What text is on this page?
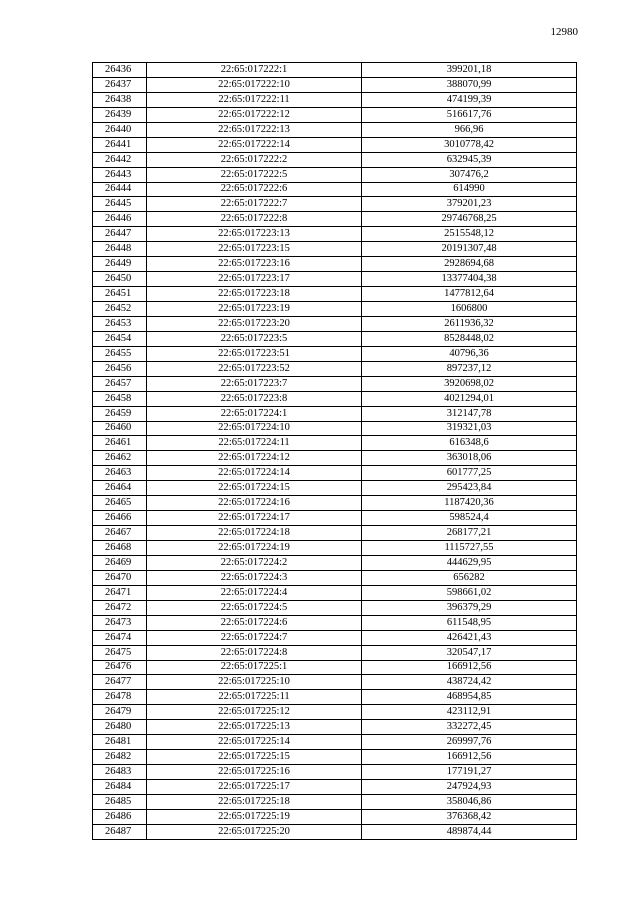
12980
26436	22:65:017222:1	399201,18
26437	22:65:017222:10	388070,99
26438	22:65:017222:11	474199,39
26439	22:65:017222:12	516617,76
26440	22:65:017222:13	966,96
26441	22:65:017222:14	3010778,42
26442	22:65:017222:2	632945,39
26443	22:65:017222:5	307476,2
26444	22:65:017222:6	614990
26445	22:65:017222:7	379201,23
26446	22:65:017222:8	29746768,25
26447	22:65:017223:13	2515548,12
26448	22:65:017223:15	20191307,48
26449	22:65:017223:16	2928694,68
26450	22:65:017223:17	13377404,38
26451	22:65:017223:18	1477812,64
26452	22:65:017223:19	1606800
26453	22:65:017223:20	2611936,32
26454	22:65:017223:5	8528448,02
26455	22:65:017223:51	40796,36
26456	22:65:017223:52	897237,12
26457	22:65:017223:7	3920698,02
26458	22:65:017223:8	4021294,01
26459	22:65:017224:1	312147,78
26460	22:65:017224:10	319321,03
26461	22:65:017224:11	616348,6
26462	22:65:017224:12	363018,06
26463	22:65:017224:14	601777,25
26464	22:65:017224:15	295423,84
26465	22:65:017224:16	1187420,36
26466	22:65:017224:17	598524,4
26467	22:65:017224:18	268177,21
26468	22:65:017224:19	1115727,55
26469	22:65:017224:2	444629,95
26470	22:65:017224:3	656282
26471	22:65:017224:4	598661,02
26472	22:65:017224:5	396379,29
26473	22:65:017224:6	611548,95
26474	22:65:017224:7	426421,43
26475	22:65:017224:8	320547,17
26476	22:65:017225:1	166912,56
26477	22:65:017225:10	438724,42
26478	22:65:017225:11	468954,85
26479	22:65:017225:12	423112,91
26480	22:65:017225:13	332272,45
26481	22:65:017225:14	269997,76
26482	22:65:017225:15	166912,56
26483	22:65:017225:16	177191,27
26484	22:65:017225:17	247924,93
26485	22:65:017225:18	358046,86
26486	22:65:017225:19	376368,42
26487	22:65:017225:20	489874,44
